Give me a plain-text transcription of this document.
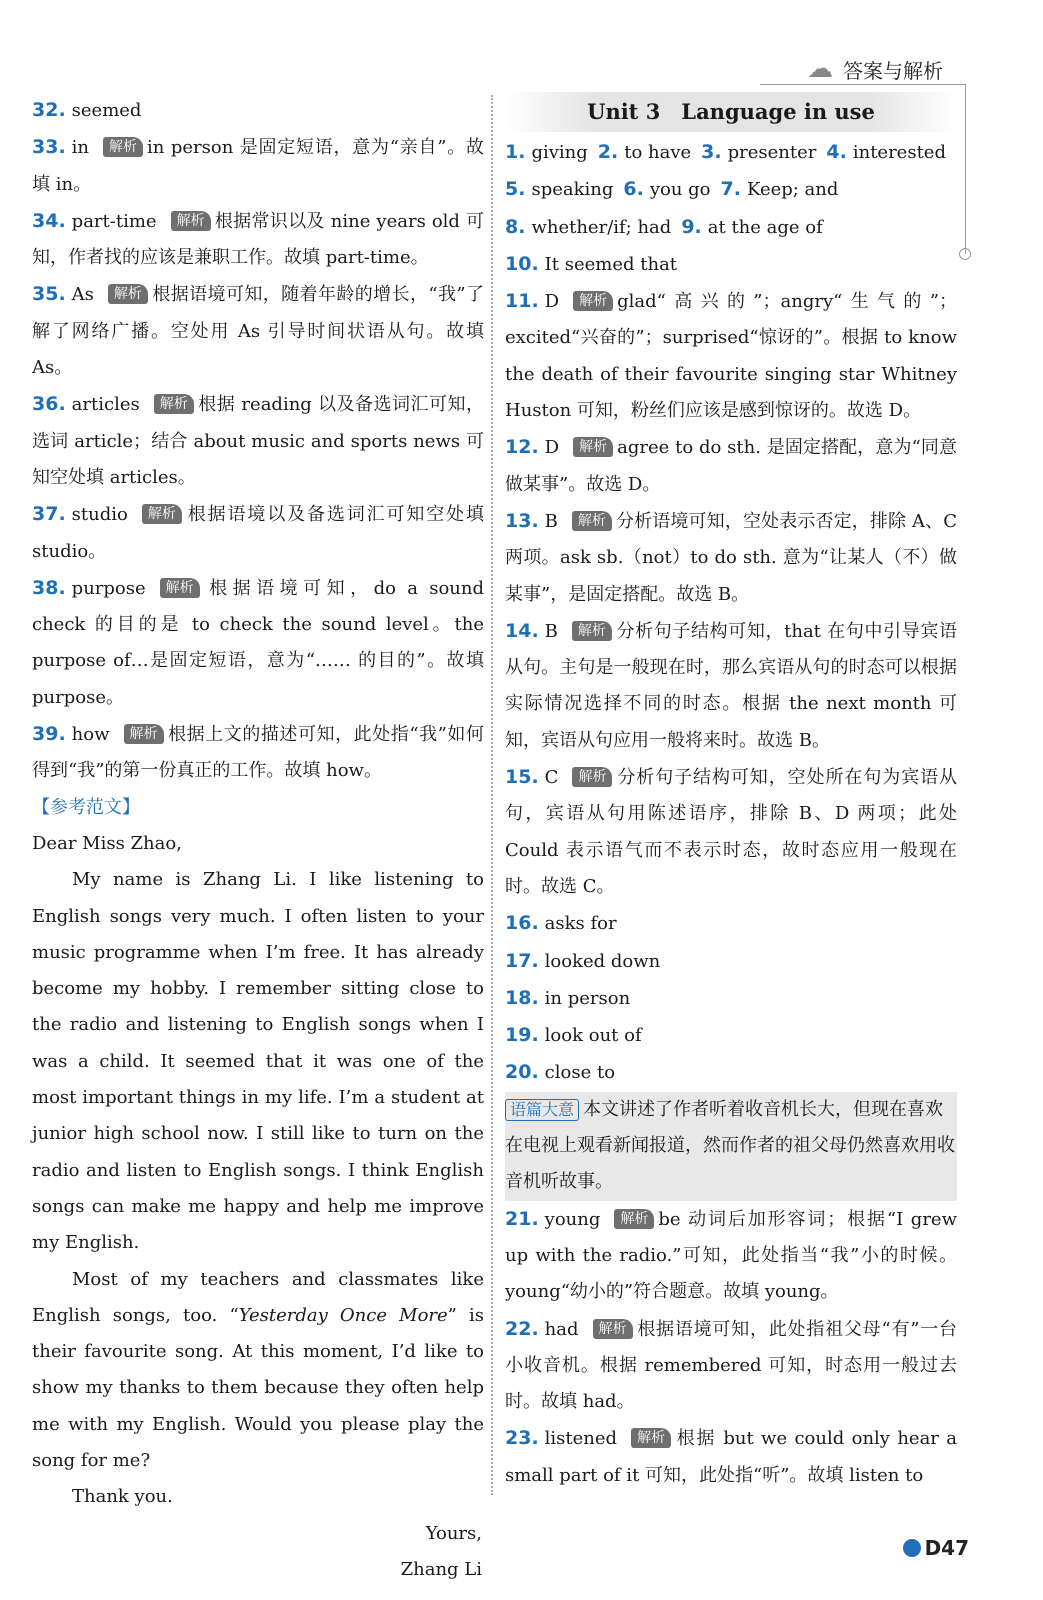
☁ 答案与解析
32. seemed
33. in 解析 in person 是固定短语，意为“亲自”。故填 in。
34. part-time 解析 根据常识以及 nine years old 可知，作者找的应该是兼职工作。故填 part-time。
35. As 解析 根据语境可知，随着年龄的增长，“我”了解了网络广播。空处用 As 引导时间状语从句。故填 As。
36. articles 解析 根据 reading 以及备选词汇可知，选词 article；结合 about music and sports news 可知空处填 articles。
37. studio 解析 根据语境以及备选词汇可知空处填 studio。
38. purpose 解析 根据语境可知，do a sound check 的目的是 to check the sound level。the purpose of…是固定短语，意为“…… 的目的”。故填 purpose。
39. how 解析 根据上文的描述可知，此处指“我”如何得到“我”的第一份真正的工作。故填 how。
【参考范文】

Dear Miss Zhao,

My name is Zhang Li. I like listening to English songs very much. I often listen to your music programme when I’m free. It has already become my hobby. I remember sitting close to the radio and listening to English songs when I was a child. It seemed that it was one of the most important things in my life. I’m a student at junior high school now. I still like to turn on the radio and listen to English songs. I think English songs can make me happy and help me improve my English.

Most of my teachers and classmates like English songs, too. “Yesterday Once More” is their favourite song. At this moment, I’d like to show my thanks to them because they often help me with my English. Would you please play the song for me?

Thank you.

Yours,

Zhang Li

Unit 3　Language in use
1. giving 2. to have 3. presenter 4. interested
5. speaking 6. you go 7. Keep; and
8. whether/if; had 9. at the age of
10. It seemed that
11. D 解析 glad“高兴的”；angry“生气的”；excited“兴奋的”；surprised“惊讶的”。根据 to know the death of their favourite singing star Whitney Huston 可知，粉丝们应该是感到惊讶的。故选 D。
12. D 解析 agree to do sth. 是固定搭配，意为“同意做某事”。故选 D。
13. B 解析 分析语境可知，空处表示否定，排除 A、C 两项。ask sb.（not）to do sth. 意为“让某人（不）做某事”，是固定搭配。故选 B。
14. B 解析 分析句子结构可知，that 在句中引导宾语从句。主句是一般现在时，那么宾语从句的时态可以根据实际情况选择不同的时态。根据 the next month 可知，宾语从句应用一般将来时。故选 B。
15. C 解析 分析句子结构可知，空处所在句为宾语从句，宾语从句用陈述语序，排除 B、D 两项；此处 Could 表示语气而不表示时态，故时态应用一般现在时。故选 C。
16. asks for
17. looked down
18. in person
19. look out of
20. close to
语篇大意 本文讲述了作者听着收音机长大，但现在喜欢在电视上观看新闻报道，然而作者的祖父母仍然喜欢用收音机听故事。
21. young 解析 be 动词后加形容词；根据“I grew up with the radio.”可知，此处指当“我”小的时候。young“幼小的”符合题意。故填 young。
22. had 解析 根据语境可知，此处指祖父母“有”一台小收音机。根据 remembered 可知，时态用一般过去时。故填 had。
23. listened 解析 根据 but we could only hear a small part of it 可知，此处指“听”。故填 listen to
D47
